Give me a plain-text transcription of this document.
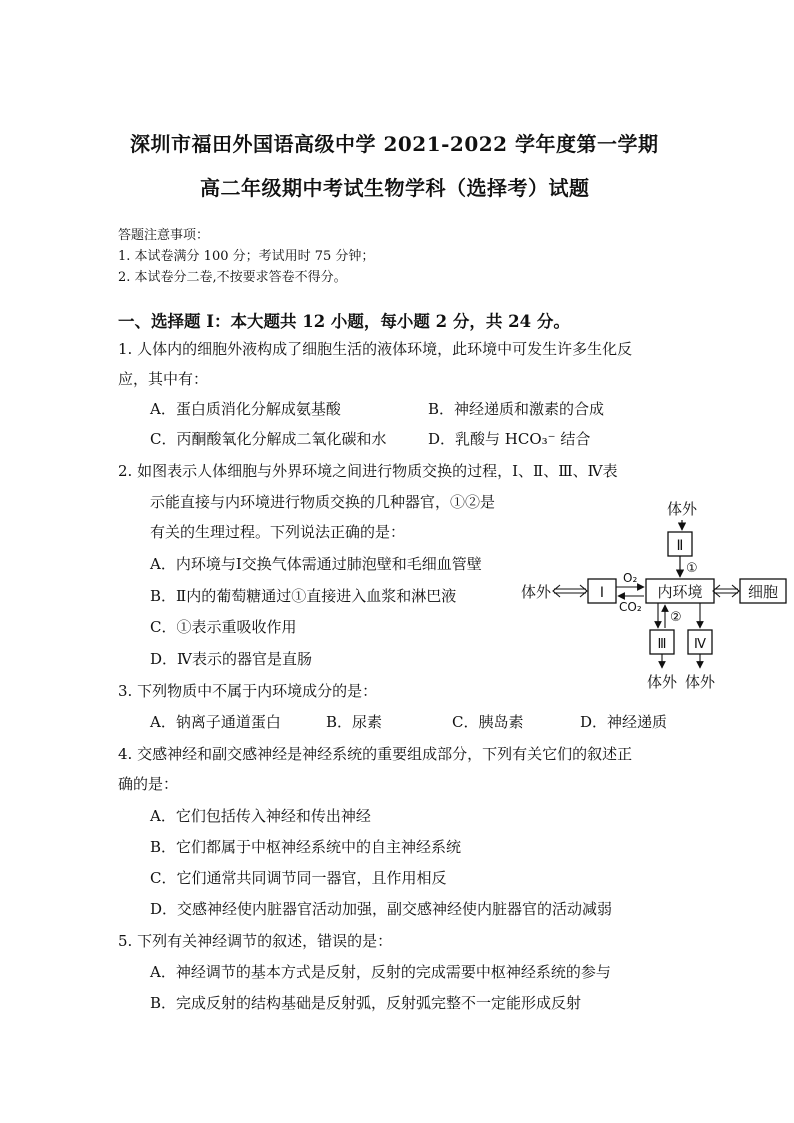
深圳市福田外国语高级中学 2021-2022 学年度第一学期
高二年级期中考试生物学科（选择考）试题
答题注意事项：
1. 本试卷满分 100 分；考试用时 75 分钟；
2. 本试卷分二卷,不按要求答卷不得分。
一、选择题 I：本大题共 12 小题，每小题 2 分，共 24 分。
1. 人体内的细胞外液构成了细胞生活的液体环境，此环境中可发生许多生化反
应，其中有：
A．蛋白质消化分解成氨基酸	B．神经递质和激素的合成
C．丙酮酸氧化分解成二氧化碳和水	D．乳酸与 HCO₃⁻ 结合
2. 如图表示人体细胞与外界环境之间进行物质交换的过程，Ⅰ、Ⅱ、Ⅲ、Ⅳ表
示能直接与内环境进行物质交换的几种器官，①②是
有关的生理过程。下列说法正确的是：
A．内环境与Ⅰ交换气体需通过肺泡壁和毛细血管壁
B．Ⅱ内的葡萄糖通过①直接进入血浆和淋巴液
C．①表示重吸收作用
D．Ⅳ表示的器官是直肠
体外
Ⅱ
①
内环境
体外	Ⅰ
O₂
CO₂
细胞
②
Ⅲ Ⅳ
体外 体外
3. 下列物质中不属于内环境成分的是：
A．钠离子通道蛋白	B．尿素	C．胰岛素	D．神经递质
4. 交感神经和副交感神经是神经系统的重要组成部分，下列有关它们的叙述正
确的是：
A．它们包括传入神经和传出神经
B．它们都属于中枢神经系统中的自主神经系统
C．它们通常共同调节同一器官，且作用相反
D．交感神经使内脏器官活动加强，副交感神经使内脏器官的活动减弱
5. 下列有关神经调节的叙述，错误的是：
A．神经调节的基本方式是反射，反射的完成需要中枢神经系统的参与
B．完成反射的结构基础是反射弧，反射弧完整不一定能形成反射
